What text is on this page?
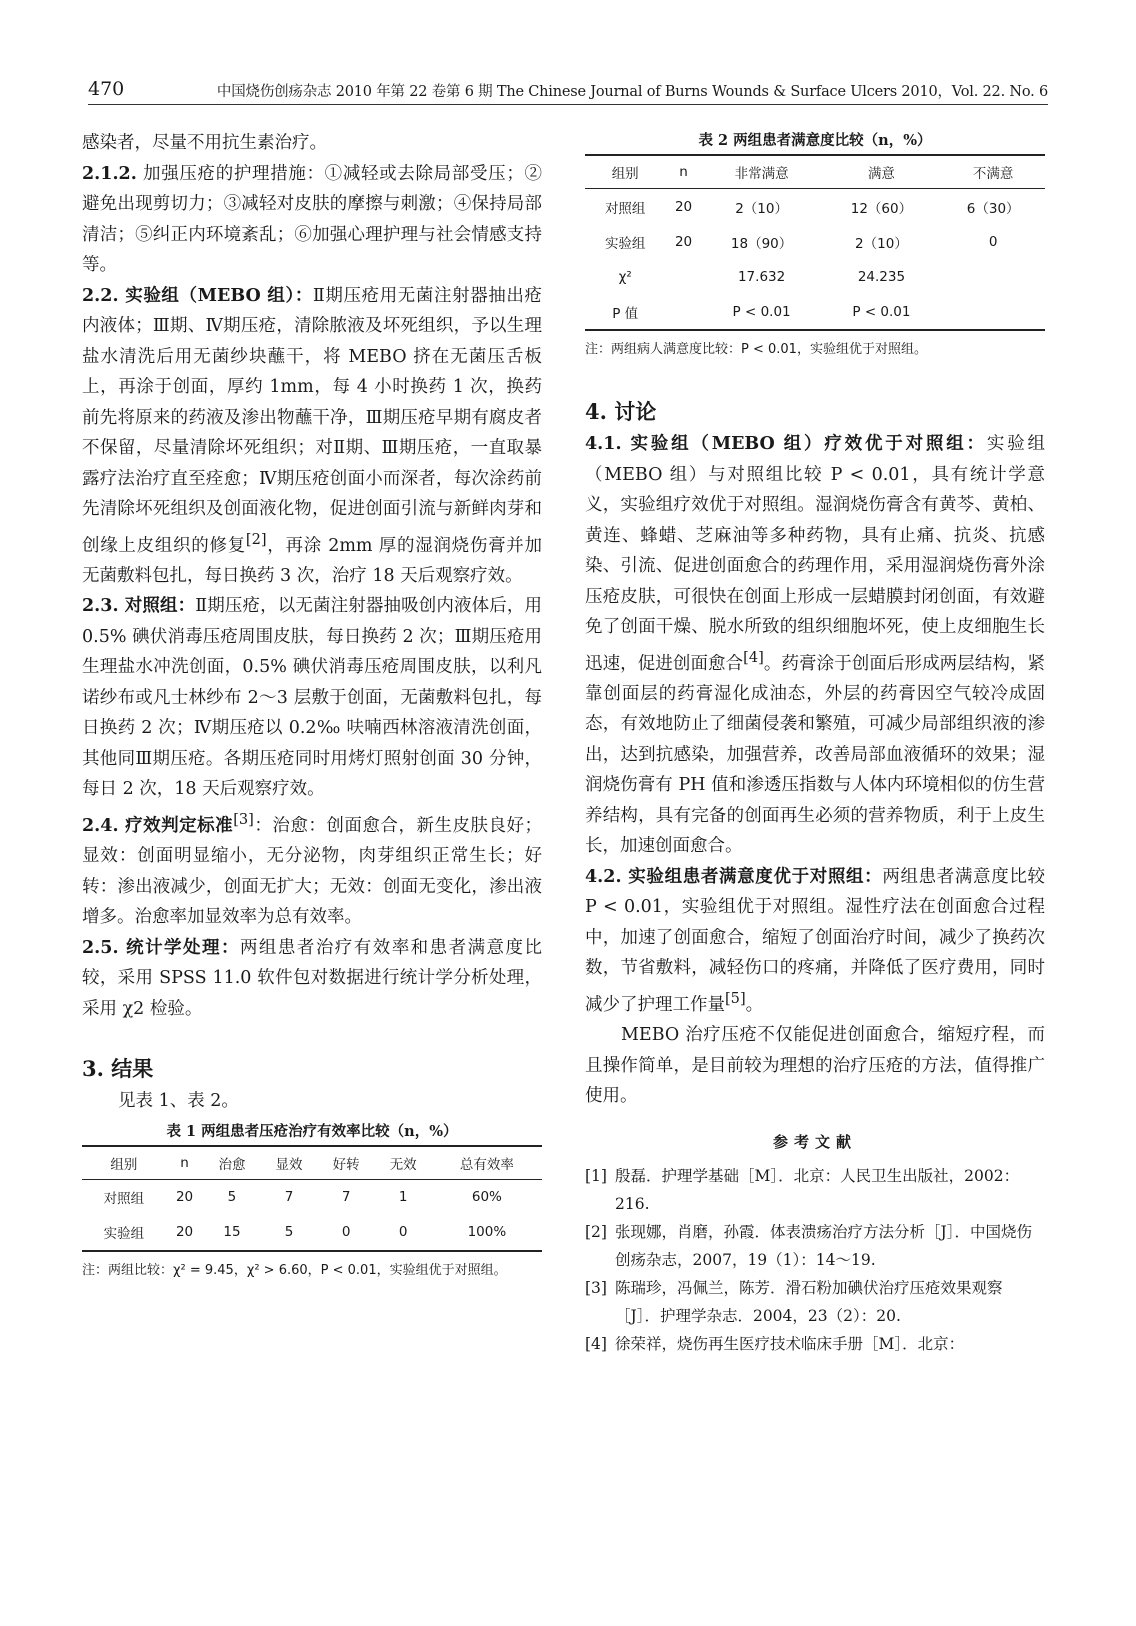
470	中国烧伤创疡杂志 2010 年第 22 卷第 6 期 The Chinese Journal of Burns Wounds & Surface Ulcers 2010，Vol. 22. No. 6

感染者，尽量不用抗生素治疗。

2.1.2. 加强压疮的护理措施：①减轻或去除局部受压；②避免出现剪切力；③减轻对皮肤的摩擦与刺激；④保持局部清洁；⑤纠正内环境紊乱；⑥加强心理护理与社会情感支持等。

2.2. 实验组（MEBO 组）：Ⅱ期压疮用无菌注射器抽出疮内液体；Ⅲ期、Ⅳ期压疮，清除脓液及坏死组织，予以生理盐水清洗后用无菌纱块蘸干，将 MEBO 挤在无菌压舌板上，再涂于创面，厚约 1mm，每 4 小时换药 1 次，换药前先将原来的药液及渗出物蘸干净，Ⅲ期压疮早期有腐皮者不保留，尽量清除坏死组织；对Ⅱ期、Ⅲ期压疮，一直取暴露疗法治疗直至痊愈；Ⅳ期压疮创面小而深者，每次涂药前先清除坏死组织及创面液化物，促进创面引流与新鲜肉芽和创缘上皮组织的修复[2]，再涂 2mm 厚的湿润烧伤膏并加无菌敷料包扎，每日换药 3 次，治疗 18 天后观察疗效。

2.3. 对照组：Ⅱ期压疮，以无菌注射器抽吸创内液体后，用 0.5% 碘伏消毒压疮周围皮肤，每日换药 2 次；Ⅲ期压疮用生理盐水冲洗创面，0.5% 碘伏消毒压疮周围皮肤，以利凡诺纱布或凡士林纱布 2～3 层敷于创面，无菌敷料包扎，每日换药 2 次；Ⅳ期压疮以 0.2‰ 呋喃西林溶液清洗创面，其他同Ⅲ期压疮。各期压疮同时用烤灯照射创面 30 分钟，每日 2 次，18 天后观察疗效。

2.4. 疗效判定标准[3]：治愈：创面愈合，新生皮肤良好；显效：创面明显缩小，无分泌物，肉芽组织正常生长；好转：渗出液减少，创面无扩大；无效：创面无变化，渗出液增多。治愈率加显效率为总有效率。

2.5. 统计学处理：两组患者治疗有效率和患者满意度比较，采用 SPSS 11.0 软件包对数据进行统计学分析处理，采用 χ2 检验。

3. 结果

见表 1、表 2。

表 1 两组患者压疮治疗有效率比较（n，%）

组别	n	治愈	显效	好转	无效	总有效率
对照组	20	5	7	7	1	60%
实验组	20	15	5	0	0	100%

注：两组比较：χ² = 9.45，χ² > 6.60，P < 0.01，实验组优于对照组。

表 2 两组患者满意度比较（n，%）

组别	n	非常满意	满意	不满意
对照组	20	2（10）	12（60）	6（30）
实验组	20	18（90）	2（10）	0
χ²		17.632	24.235	
P 值		P < 0.01	P < 0.01	

注：两组病人满意度比较：P < 0.01，实验组优于对照组。

4. 讨论

4.1. 实验组（MEBO 组）疗效优于对照组：实验组（MEBO 组）与对照组比较 P < 0.01，具有统计学意义，实验组疗效优于对照组。湿润烧伤膏含有黄芩、黄柏、黄连、蜂蜡、芝麻油等多种药物，具有止痛、抗炎、抗感染、引流、促进创面愈合的药理作用，采用湿润烧伤膏外涂压疮皮肤，可很快在创面上形成一层蜡膜封闭创面，有效避免了创面干燥、脱水所致的组织细胞坏死，使上皮细胞生长迅速，促进创面愈合[4]。药膏涂于创面后形成两层结构，紧靠创面层的药膏湿化成油态，外层的药膏因空气较冷成固态，有效地防止了细菌侵袭和繁殖，可减少局部组织液的渗出，达到抗感染，加强营养，改善局部血液循环的效果；湿润烧伤膏有 PH 值和渗透压指数与人体内环境相似的仿生营养结构，具有完备的创面再生必须的营养物质，利于上皮生长，加速创面愈合。

4.2. 实验组患者满意度优于对照组：两组患者满意度比较 P < 0.01，实验组优于对照组。湿性疗法在创面愈合过程中，加速了创面愈合，缩短了创面治疗时间，减少了换药次数，节省敷料，减轻伤口的疼痛，并降低了医疗费用，同时减少了护理工作量[5]。

MEBO 治疗压疮不仅能促进创面愈合，缩短疗程，而且操作简单，是目前较为理想的治疗压疮的方法，值得推广使用。

参考文献

[1] 殷磊．护理学基础［M］．北京：人民卫生出版社，2002：216.
[2] 张现娜，肖磨，孙霞．体表溃疡治疗方法分析［J］．中国烧伤创疡杂志，2007，19（1）：14～19.
[3] 陈瑞珍，冯佩兰，陈芳．滑石粉加碘伏治疗压疮效果观察［J］．护理学杂志．2004，23（2）：20.
[4] 徐荣祥，烧伤再生医疗技术临床手册［M］．北京：
